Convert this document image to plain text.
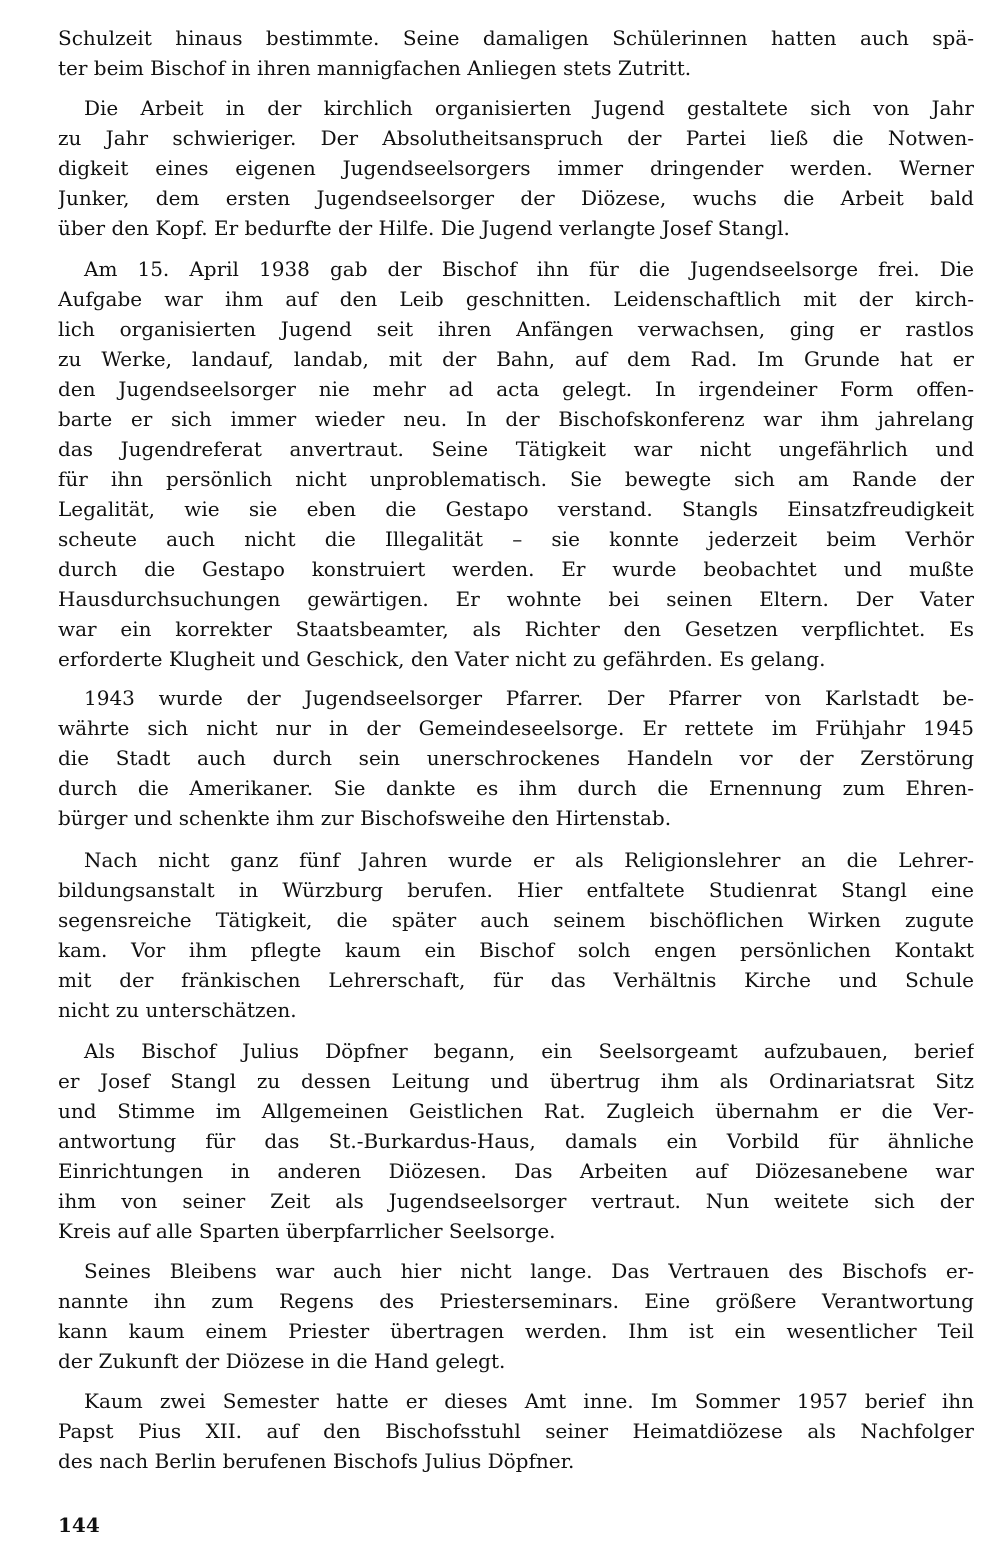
Schulzeit hinaus bestimmte. Seine damaligen Schülerinnen hatten auch spä-
ter beim Bischof in ihren mannigfachen Anliegen stets Zutritt.
Die Arbeit in der kirchlich organisierten Jugend gestaltete sich von Jahr
zu Jahr schwieriger. Der Absolutheitsanspruch der Partei ließ die Notwen-
digkeit eines eigenen Jugendseelsorgers immer dringender werden. Werner
Junker, dem ersten Jugendseelsorger der Diözese, wuchs die Arbeit bald
über den Kopf. Er bedurfte der Hilfe. Die Jugend verlangte Josef Stangl.
Am 15. April 1938 gab der Bischof ihn für die Jugendseelsorge frei. Die
Aufgabe war ihm auf den Leib geschnitten. Leidenschaftlich mit der kirch-
lich organisierten Jugend seit ihren Anfängen verwachsen, ging er rastlos
zu Werke, landauf, landab, mit der Bahn, auf dem Rad. Im Grunde hat er
den Jugendseelsorger nie mehr ad acta gelegt. In irgendeiner Form offen-
barte er sich immer wieder neu. In der Bischofskonferenz war ihm jahrelang
das Jugendreferat anvertraut. Seine Tätigkeit war nicht ungefährlich und
für ihn persönlich nicht unproblematisch. Sie bewegte sich am Rande der
Legalität, wie sie eben die Gestapo verstand. Stangls Einsatzfreudigkeit
scheute auch nicht die Illegalität – sie konnte jederzeit beim Verhör
durch die Gestapo konstruiert werden. Er wurde beobachtet und mußte
Hausdurchsuchungen gewärtigen. Er wohnte bei seinen Eltern. Der Vater
war ein korrekter Staatsbeamter, als Richter den Gesetzen verpflichtet. Es
erforderte Klugheit und Geschick, den Vater nicht zu gefährden. Es gelang.
1943 wurde der Jugendseelsorger Pfarrer. Der Pfarrer von Karlstadt be-
währte sich nicht nur in der Gemeindeseelsorge. Er rettete im Frühjahr 1945
die Stadt auch durch sein unerschrockenes Handeln vor der Zerstörung
durch die Amerikaner. Sie dankte es ihm durch die Ernennung zum Ehren-
bürger und schenkte ihm zur Bischofsweihe den Hirtenstab.
Nach nicht ganz fünf Jahren wurde er als Religionslehrer an die Lehrer-
bildungsanstalt in Würzburg berufen. Hier entfaltete Studienrat Stangl eine
segensreiche Tätigkeit, die später auch seinem bischöflichen Wirken zugute
kam. Vor ihm pflegte kaum ein Bischof solch engen persönlichen Kontakt
mit der fränkischen Lehrerschaft, für das Verhältnis Kirche und Schule
nicht zu unterschätzen.
Als Bischof Julius Döpfner begann, ein Seelsorgeamt aufzubauen, berief
er Josef Stangl zu dessen Leitung und übertrug ihm als Ordinariatsrat Sitz
und Stimme im Allgemeinen Geistlichen Rat. Zugleich übernahm er die Ver-
antwortung für das St.-Burkardus-Haus, damals ein Vorbild für ähnliche
Einrichtungen in anderen Diözesen. Das Arbeiten auf Diözesanebene war
ihm von seiner Zeit als Jugendseelsorger vertraut. Nun weitete sich der
Kreis auf alle Sparten überpfarrlicher Seelsorge.
Seines Bleibens war auch hier nicht lange. Das Vertrauen des Bischofs er-
nannte ihn zum Regens des Priesterseminars. Eine größere Verantwortung
kann kaum einem Priester übertragen werden. Ihm ist ein wesentlicher Teil
der Zukunft der Diözese in die Hand gelegt.
Kaum zwei Semester hatte er dieses Amt inne. Im Sommer 1957 berief ihn
Papst Pius XII. auf den Bischofsstuhl seiner Heimatdiözese als Nachfolger
des nach Berlin berufenen Bischofs Julius Döpfner.
144
